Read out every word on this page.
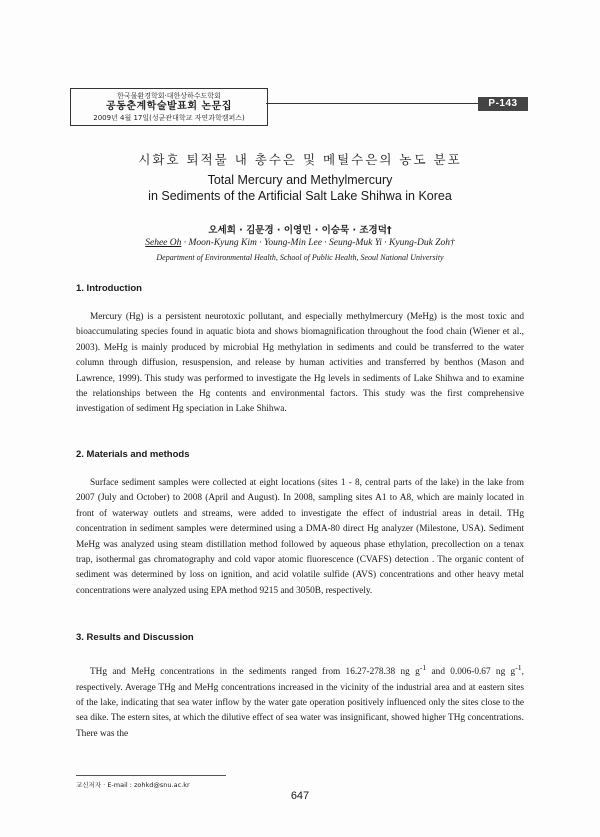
한국물환경학회·대한상하수도학회
공동춘계학술발표회 논문집
2009년 4월 17일(성균관대학교 자연과학캠퍼스)
P-143
시화호 퇴적물 내 총수은 및 메틸수은의 농도 분포
Total Mercury and Methylmercury
in Sediments of the Artificial Salt Lake Shihwa in Korea
오세희 · 김문경 · 이영민 · 이승묵 · 조경덕†
Sehee Oh · Moon-Kyung Kim · Young-Min Lee · Seung-Muk Yi · Kyung-Duk Zoh†
Department of Environmental Health, School of Public Health, Seoul National University
1. Introduction

Mercury (Hg) is a persistent neurotoxic pollutant, and especially methylmercury (MeHg) is the most toxic and bioaccumulating species found in aquatic biota and shows biomagnification throughout the food chain (Wiener et al., 2003). MeHg is mainly produced by microbial Hg methylation in sediments and could be transferred to the water column through diffusion, resuspension, and release by human activities and transferred by benthos (Mason and Lawrence, 1999). This study was performed to investigate the Hg levels in sediments of Lake Shihwa and to examine the relationships between the Hg contents and environmental factors. This study was the first comprehensive investigation of sediment Hg speciation in Lake Shihwa.

2. Materials and methods

Surface sediment samples were collected at eight locations (sites 1 - 8, central parts of the lake) in the lake from 2007 (July and October) to 2008 (April and August). In 2008, sampling sites A1 to A8, which are mainly located in front of waterway outlets and streams, were added to investigate the effect of industrial areas in detail. THg concentration in sediment samples were determined using a DMA-80 direct Hg analyzer (Milestone, USA). Sediment MeHg was analyzed using steam distillation method followed by aqueous phase ethylation, precollection on a tenax trap, isothermal gas chromatography and cold vapor atomic fluorescence (CVAFS) detection . The organic content of sediment was determined by loss on ignition, and acid volatile sulfide (AVS) concentrations and other heavy metal concentrations were analyzed using EPA method 9215 and 3050B, respectively.

3. Results and Discussion

THg and MeHg concentrations in the sediments ranged from 16.27-278.38 ng $g^{-1}$ and 0.006-0.67 ng $g^{-1}$, respectively. Average THg and MeHg concentrations increased in the vicinity of the industrial area and at eastern sites of the lake, indicating that sea water inflow by the water gate operation positively influenced only the sites close to the sea dike. The estern sites, at which the dilutive effect of sea water was insignificant, showed higher THg concentrations. There was the

교신저자 · E-mail : zohkd@snu.ac.kr
647
